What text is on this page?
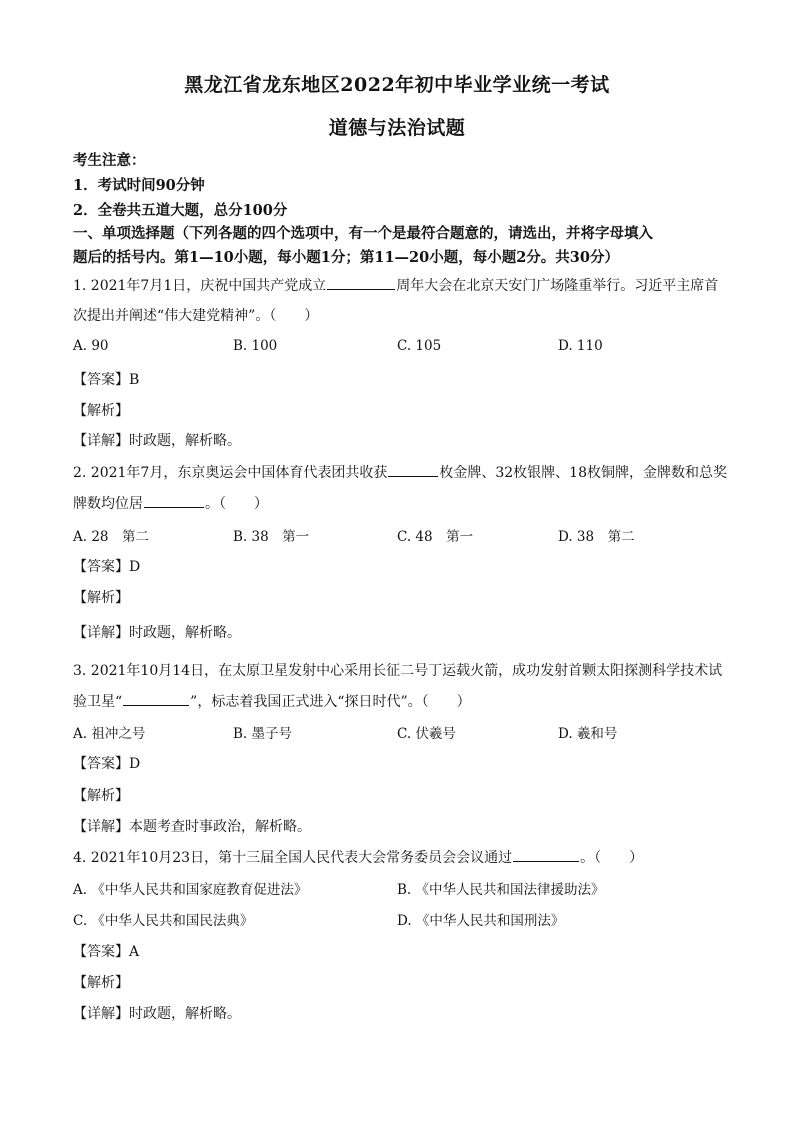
黑龙江省龙东地区2022年初中毕业学业统一考试
道德与法治试题
考生注意：
1．考试时间90分钟
2．全卷共五道大题，总分100分
一、单项选择题（下列各题的四个选项中，有一个是最符合题意的，请选出，并将字母填入
题后的括号内。第1—10小题，每小题1分；第11—20小题，每小题2分。共30分）
1. 2021年7月1日，庆祝中国共产党成立	周年大会在北京天安门广场隆重举行。习近平主席首
次提出并阐述“伟大建党精神”。（　　）
A. 90	B. 100	C. 105	D. 110
【答案】B
【解析】
【详解】时政题，解析略。
2. 2021年7月，东京奥运会中国体育代表团共收获	枚金牌、32枚银牌、18枚铜牌，金牌数和总奖
牌数均位居	。（　　）
A. 28　第二	B. 38　第一	C. 48　第一	D. 38　第二
【答案】D
【解析】
【详解】时政题，解析略。
3. 2021年10月14日，在太原卫星发射中心采用长征二号丁运载火箭，成功发射首颗太阳探测科学技术试
验卫星“	”，标志着我国正式进入“探日时代”。（　　）
A. 祖冲之号	B. 墨子号	C. 伏羲号	D. 羲和号
【答案】D
【解析】
【详解】本题考查时事政治，解析略。
4. 2021年10月23日，第十三届全国人民代表大会常务委员会会议通过	。（　　）
A. 《中华人民共和国家庭教育促进法》	B. 《中华人民共和国法律援助法》
C. 《中华人民共和国民法典》	D. 《中华人民共和国刑法》
【答案】A
【解析】
【详解】时政题，解析略。
